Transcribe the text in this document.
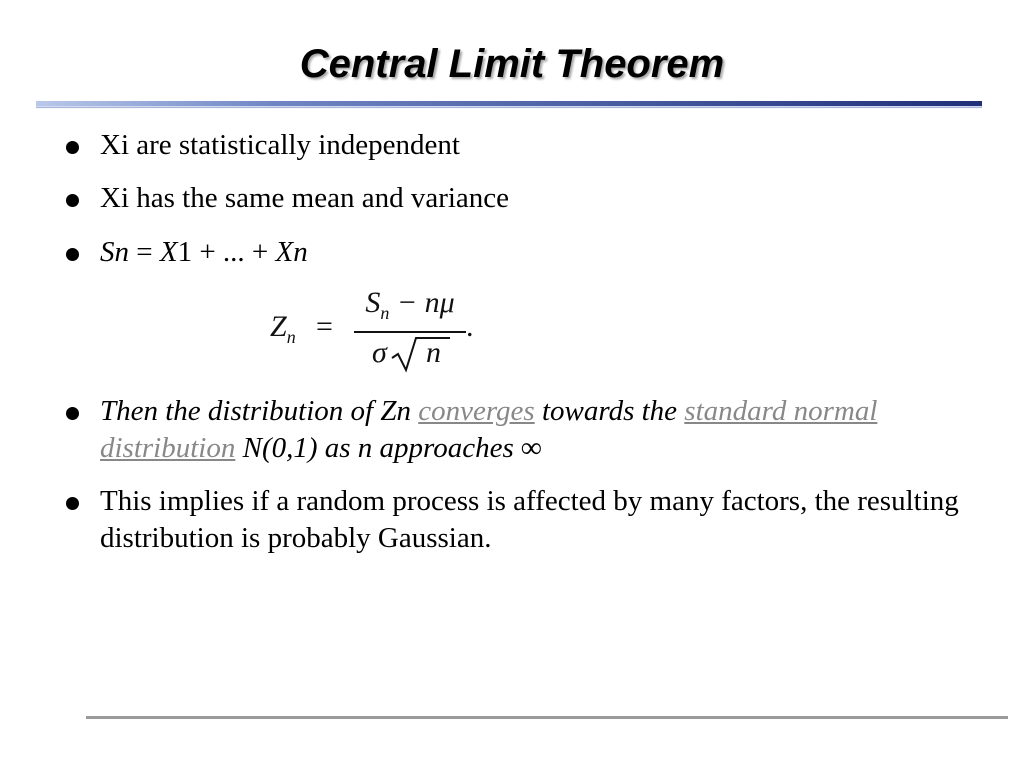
Central Limit Theorem
Xi are statistically independent
Xi has the same mean and variance
Sn = X1 + ... + Xn
$Z_n$ =
$S_n - n\mu$
σ n
.
Then the distribution of Zn converges towards the standard normal distribution N(0,1) as n approaches ∞
This implies if a random process is affected by many factors, the resulting distribution is probably Gaussian.
